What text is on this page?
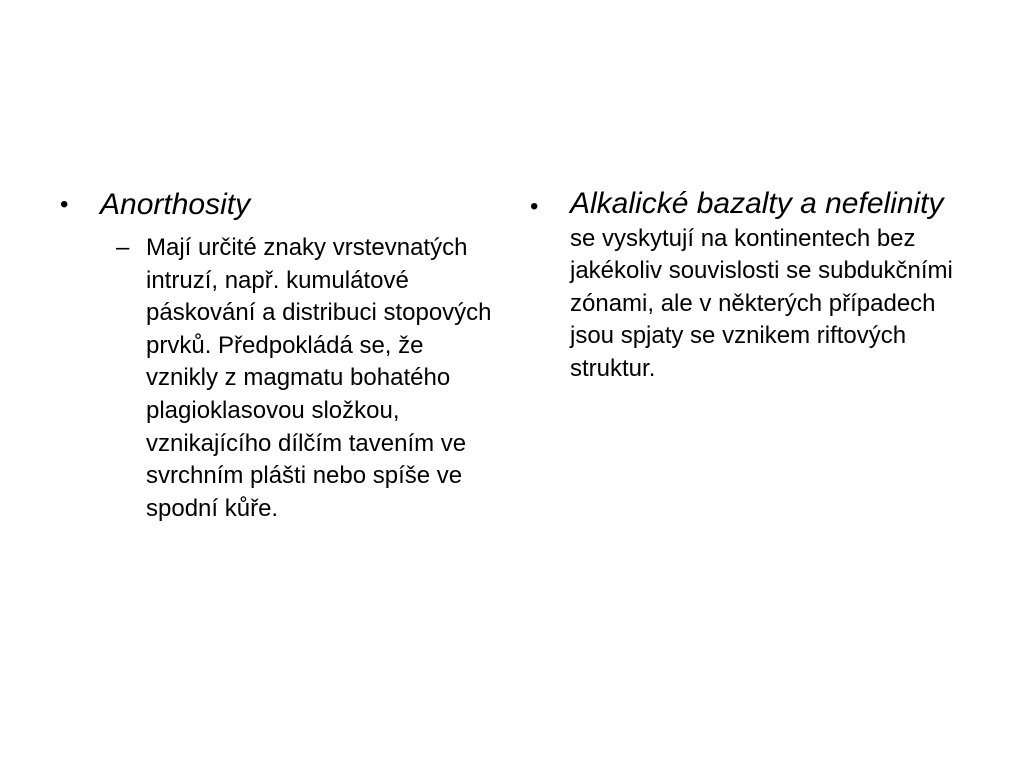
• Anorthosity
– Mají určité znaky vrstevnatých intruzí, např. kumulátové páskování a distribuci stopových prvků. Předpokládá se, že vznikly z magmatu bohatého plagioklasovou složkou, vznikajícího dílčím tavením ve svrchním plášti nebo spíše ve spodní kůře.
• Alkalické bazalty a nefelinity se vyskytují na kontinentech bez jakékoliv souvislosti se subdukčními zónami, ale v některých případech jsou spjaty se vznikem riftových struktur.
